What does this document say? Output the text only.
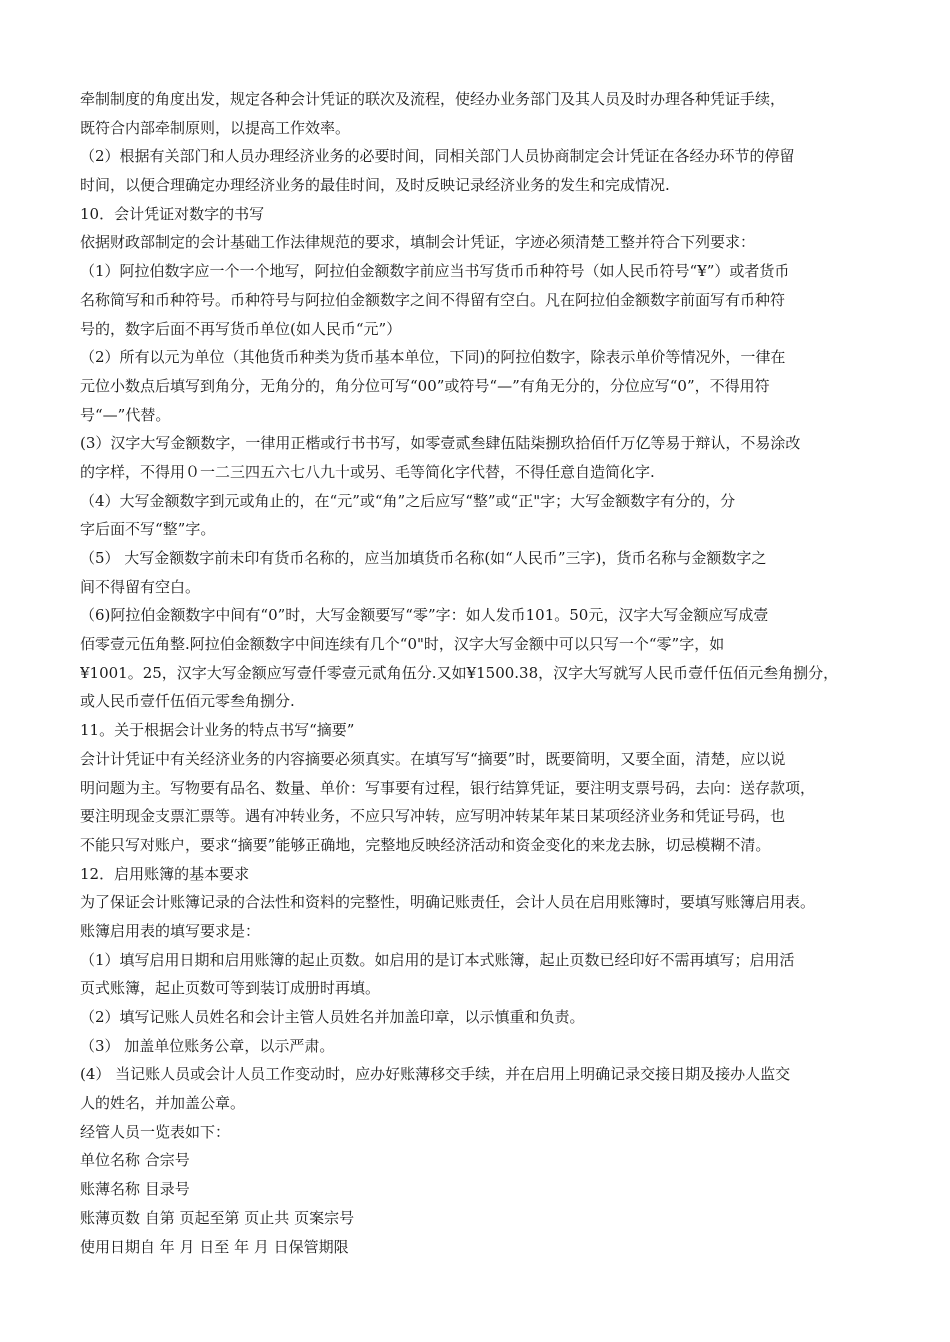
牵制制度的角度出发，规定各种会计凭证的联次及流程，使经办业务部门及其人员及时办理各种凭证手续，
既符合内部牵制原则，以提高工作效率。
（2）根据有关部门和人员办理经济业务的必要时间，同相关部门人员协商制定会计凭证在各经办环节的停留
时间，以便合理确定办理经济业务的最佳时间，及时反映记录经济业务的发生和完成情况.
10．会计凭证对数字的书写
依据财政部制定的会计基础工作法律规范的要求，填制会计凭证，字迹必须清楚工整并符合下列要求：
（1）阿拉伯数字应一个一个地写，阿拉伯金额数字前应当书写货币币种符号（如人民币符号“¥”）或者货币
名称简写和币种符号。币种符号与阿拉伯金额数字之间不得留有空白。凡在阿拉伯金额数字前面写有币种符
号的，数字后面不再写货币单位(如人民币“元”）
（2）所有以元为单位（其他货币种类为货币基本单位，下同)的阿拉伯数字，除表示单价等情况外，一律在
元位小数点后填写到角分，无角分的，角分位可写“00”或符号“—”有角无分的，分位应写“0”，不得用符
号“—”代替。
(3）汉字大写金额数字，一律用正楷或行书书写，如零壹贰叁肆伍陆柒捌玖拾佰仟万亿等易于辩认，不易涂改
的字样，不得用０一二三四五六七八九十或另、毛等简化字代替，不得任意自造简化字.
（4）大写金额数字到元或角止的，在“元”或“角”之后应写“整”或“正"字；大写金额数字有分的，分
字后面不写“整”字。
（5） 大写金额数字前未印有货币名称的，应当加填货币名称(如“人民币”三字)，货币名称与金额数字之
间不得留有空白。
（6)阿拉伯金额数字中间有“0”时，大写金额要写“零”字：如人发币101。50元，汉字大写金额应写成壹
佰零壹元伍角整.阿拉伯金额数字中间连续有几个“0"时，汉字大写金额中可以只写一个“零”字，如
¥1001。25，汉字大写金额应写壹仟零壹元贰角伍分.又如¥1500.38，汉字大写就写人民币壹仟伍佰元叁角捌分，
或人民币壹仟伍佰元零叁角捌分.
11。关于根据会计业务的特点书写“摘要”
会计计凭证中有关经济业务的内容摘要必须真实。在填写写“摘要”时，既要简明，又要全面，清楚，应以说
明问题为主。写物要有品名、数量、单价：写事要有过程，银行结算凭证，要注明支票号码，去向：送存款项，
要注明现金支票汇票等。遇有冲转业务，不应只写冲转，应写明冲转某年某日某项经济业务和凭证号码，也
不能只写对账户，要求“摘要”能够正确地，完整地反映经济活动和资金变化的来龙去脉，切忌模糊不清。
12．启用账簿的基本要求
为了保证会计账簿记录的合法性和资料的完整性，明确记账责任，会计人员在启用账簿时，要填写账簿启用表。
账簿启用表的填写要求是：
（1）填写启用日期和启用账簿的起止页数。如启用的是订本式账簿，起止页数已经印好不需再填写；启用活
页式账簿，起止页数可等到装订成册时再填。
（2）填写记账人员姓名和会计主管人员姓名并加盖印章，以示慎重和负责。
（3） 加盖单位账务公章，以示严肃。
(4） 当记账人员或会计人员工作变动时，应办好账薄移交手续，并在启用上明确记录交接日期及接办人监交
人的姓名，并加盖公章。
经管人员一览表如下：
单位名称 合宗号
账薄名称 目录号
账薄页数 自第 页起至第 页止共 页案宗号
使用日期自 年 月 日至 年 月 日保管期限
